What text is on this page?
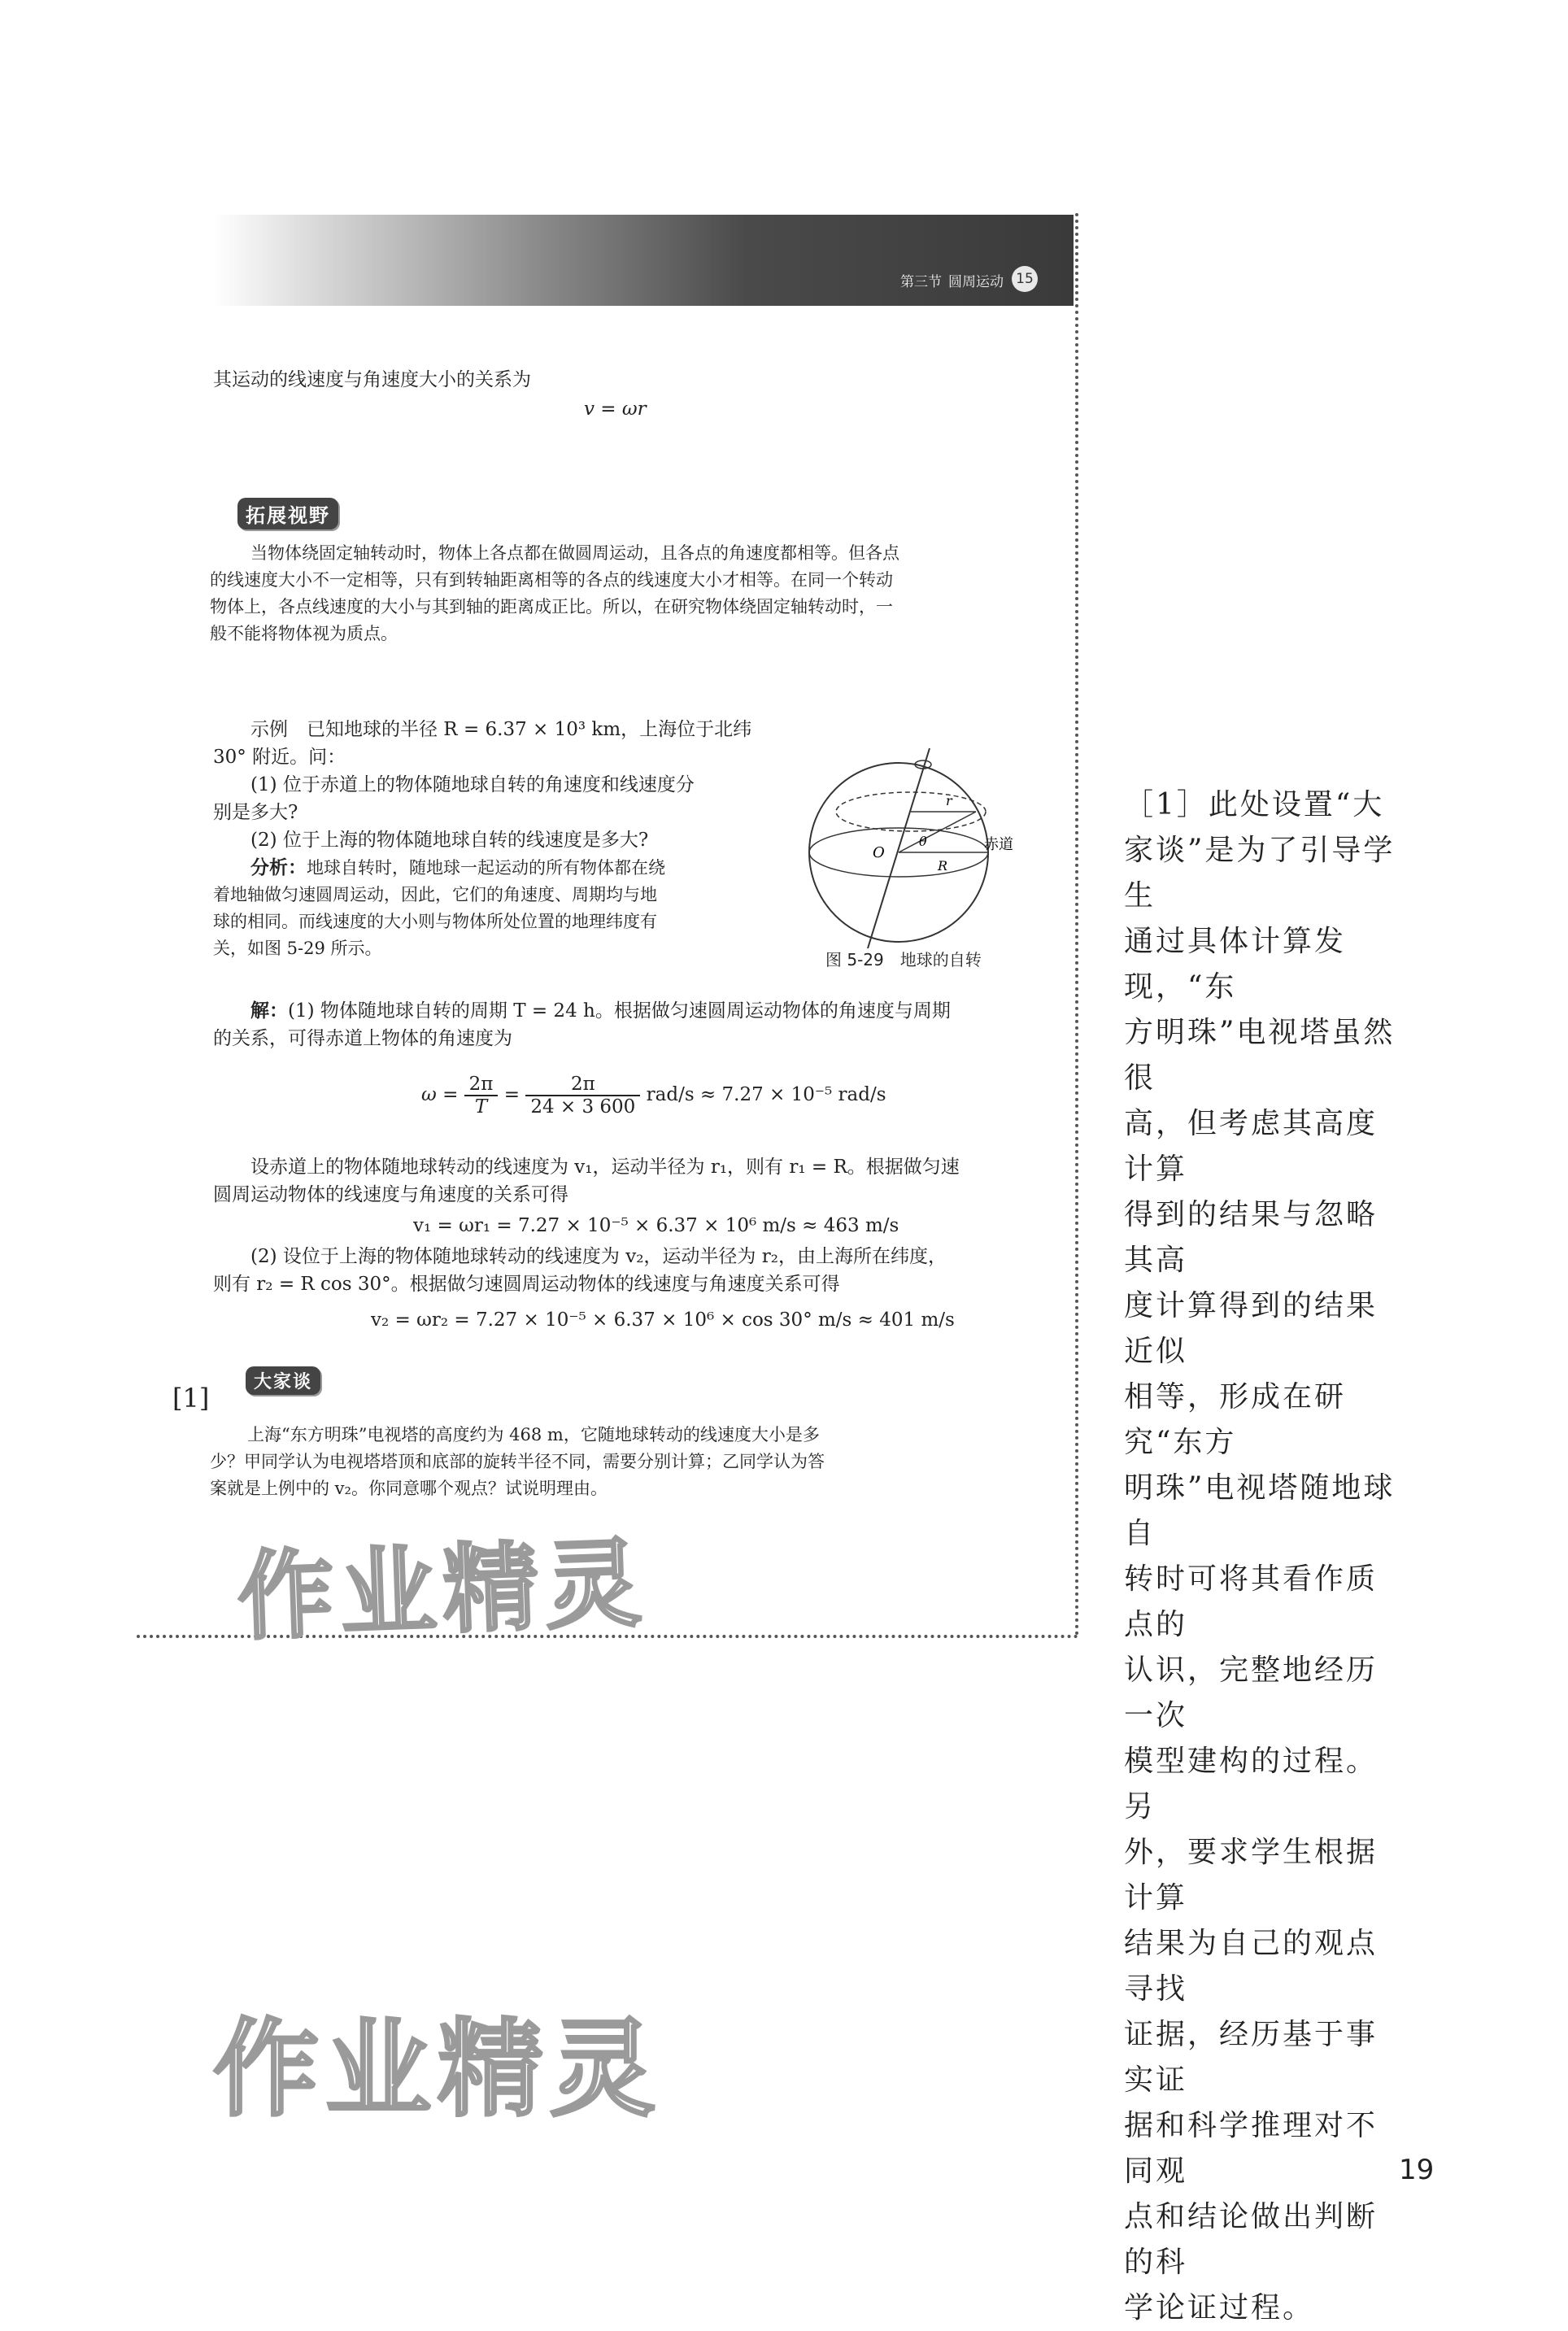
第三节 圆周运动 15
其运动的线速度与角速度大小的关系为
v = ωr
拓展视野
当物体绕固定轴转动时，物体上各点都在做圆周运动，且各点的角速度都相等。但各点
的线速度大小不一定相等，只有到转轴距离相等的各点的线速度大小才相等。在同一个转动
物体上，各点线速度的大小与其到轴的距离成正比。所以，在研究物体绕固定轴转动时，一
般不能将物体视为质点。
示例　已知地球的半径 R = 6.37 × 10³ km，上海位于北纬
30° 附近。问：
(1) 位于赤道上的物体随地球自转的角速度和线速度分
别是多大?
(2) 位于上海的物体随地球自转的线速度是多大?
分析：地球自转时，随地球一起运动的所有物体都在绕
着地轴做匀速圆周运动，因此，它们的角速度、周期均与地
球的相同。而线速度的大小则与物体所处位置的地理纬度有
关，如图 5-29 所示。
O
r
R
θ	赤道
图 5-29　地球的自转
解：(1) 物体随地球自转的周期 T = 24 h。根据做匀速圆周运动物体的角速度与周期
的关系，可得赤道上物体的角速度为
$\omega = \frac{2\pi}{T} = \frac{2\pi}{24 \times 3 600} rad/s \approx 7.27 \times 10^{-5}$ rad/s
设赤道上的物体随地球转动的线速度为 v₁，运动半径为 r₁，则有 r₁ = R。根据做匀速
圆周运动物体的线速度与角速度的关系可得
v₁ = ωr₁ = 7.27 × 10⁻⁵ × 6.37 × 10⁶ m/s ≈ 463 m/s
(2) 设位于上海的物体随地球转动的线速度为 v₂，运动半径为 r₂，由上海所在纬度，
则有 r₂ = R cos 30°。根据做匀速圆周运动物体的线速度与角速度关系可得
v₂ = ωr₂ = 7.27 × 10⁻⁵ × 6.37 × 10⁶ × cos 30° m/s ≈ 401 m/s
[1]
大家谈
上海“东方明珠”电视塔的高度约为 468 m，它随地球转动的线速度大小是多
少？甲同学认为电视塔塔顶和底部的旋转半径不同，需要分别计算；乙同学认为答
案就是上例中的 v₂。你同意哪个观点？试说明理由。
［1］此处设置“大
家谈”是为了引导学生
通过具体计算发现，“东
方明珠”电视塔虽然很
高，但考虑其高度计算
得到的结果与忽略其高
度计算得到的结果近似
相等，形成在研究“东方
明珠”电视塔随地球自
转时可将其看作质点的
认识，完整地经历一次
模型建构的过程。另
外，要求学生根据计算
结果为自己的观点寻找
证据，经历基于事实证
据和科学推理对不同观
点和结论做出判断的科
学论证过程。
作业精灵
作业精灵
19
